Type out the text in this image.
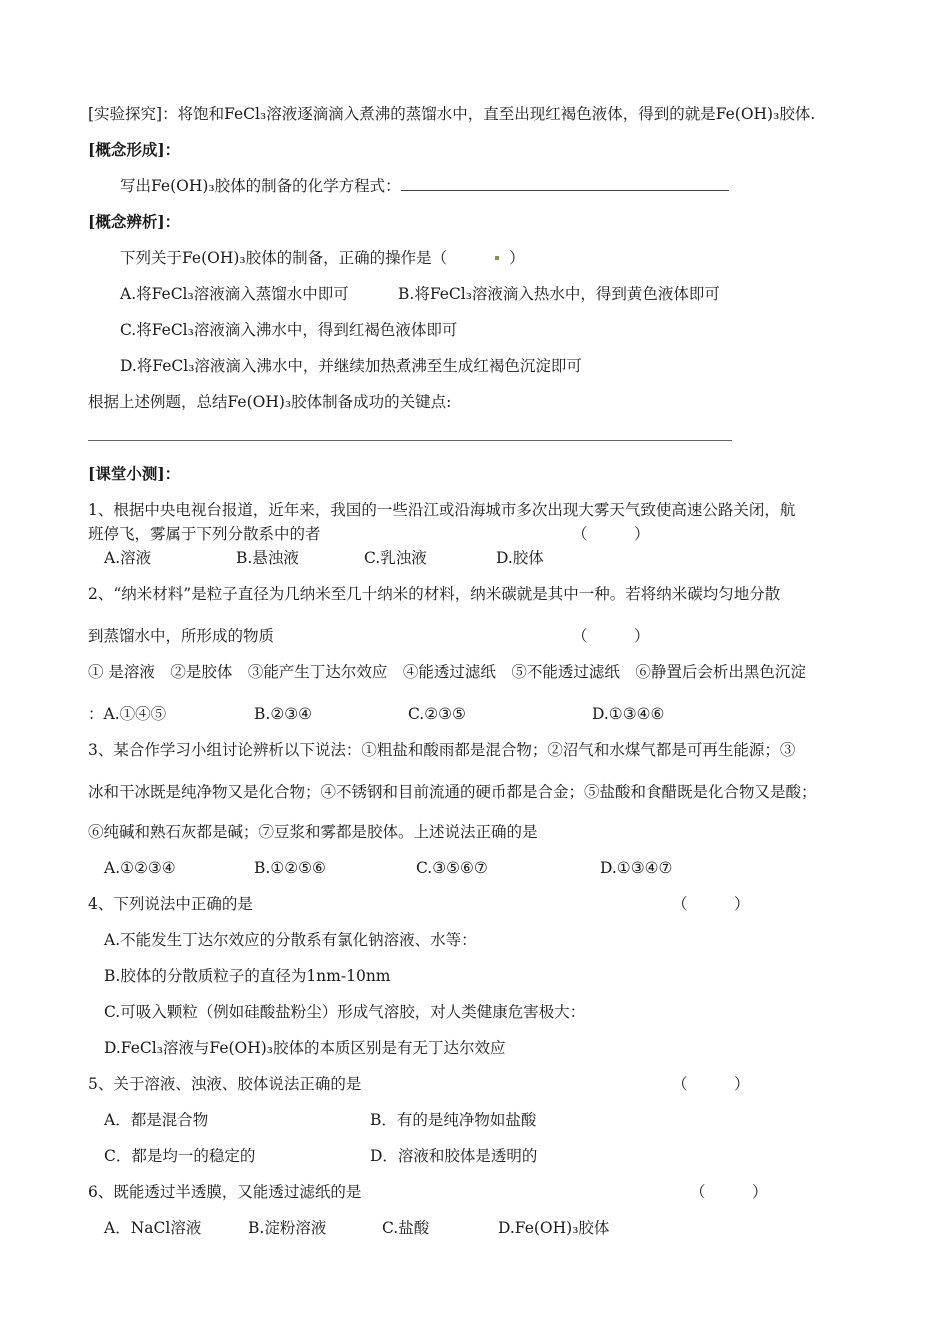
[实验探究]：将饱和FeCl₃溶液逐滴滴入煮沸的蒸馏水中，直至出现红褐色液体，得到的就是Fe(OH)₃胶体.
[概念形成]：
写出Fe(OH)₃胶体的制备的化学方程式：
[概念辨析]：
下列关于Fe(OH)₃胶体的制备，正确的操作是（	）
A.将FeCl₃溶液滴入蒸馏水中即可	B.将FeCl₃溶液滴入热水中，得到黄色液体即可
C.将FeCl₃溶液滴入沸水中，得到红褐色液体即可
D.将FeCl₃溶液滴入沸水中，并继续加热煮沸至生成红褐色沉淀即可
根据上述例题，总结Fe(OH)₃胶体制备成功的关键点:
[课堂小测]：
1、根据中央电视台报道，近年来，我国的一些沿江或沿海城市多次出现大雾天气致使高速公路关闭，航
班停飞，雾属于下列分散系中的者	（　　　）
A.溶液	B.悬浊液	C.乳浊液	D.胶体
2、“纳米材料”是粒子直径为几纳米至几十纳米的材料，纳米碳就是其中一种。若将纳米碳均匀地分散
到蒸馏水中，所形成的物质	（　　　）
① 是溶液　②是胶体　③能产生丁达尔效应　④能透过滤纸　⑤不能透过滤纸　⑥静置后会析出黑色沉淀
：A.①④⑤	B.②③④	C.②③⑤	D.①③④⑥
3、某合作学习小组讨论辨析以下说法：①粗盐和酸雨都是混合物；②沼气和水煤气都是可再生能源；③
冰和干冰既是纯净物又是化合物；④不锈钢和目前流通的硬币都是合金；⑤盐酸和食醋既是化合物又是酸；
⑥纯碱和熟石灰都是碱；⑦豆浆和雾都是胶体。上述说法正确的是
A.①②③④	B.①②⑤⑥	C.③⑤⑥⑦	D.①③④⑦
4、下列说法中正确的是	（　　　）
A.不能发生丁达尔效应的分散系有氯化钠溶液、水等：
B.胶体的分散质粒子的直径为1nm-10nm
C.可吸入颗粒（例如硅酸盐粉尘）形成气溶胶，对人类健康危害极大：
D.FeCl₃溶液与Fe(OH)₃胶体的本质区别是有无丁达尔效应
5、关于溶液、浊液、胶体说法正确的是	（　　　）
A．都是混合物	B．有的是纯净物如盐酸
C．都是均一的稳定的	D．溶液和胶体是透明的
6、既能透过半透膜，又能透过滤纸的是	（　　　）
A．NaCl溶液	B.淀粉溶液	C.盐酸	D.Fe(OH)₃胶体
